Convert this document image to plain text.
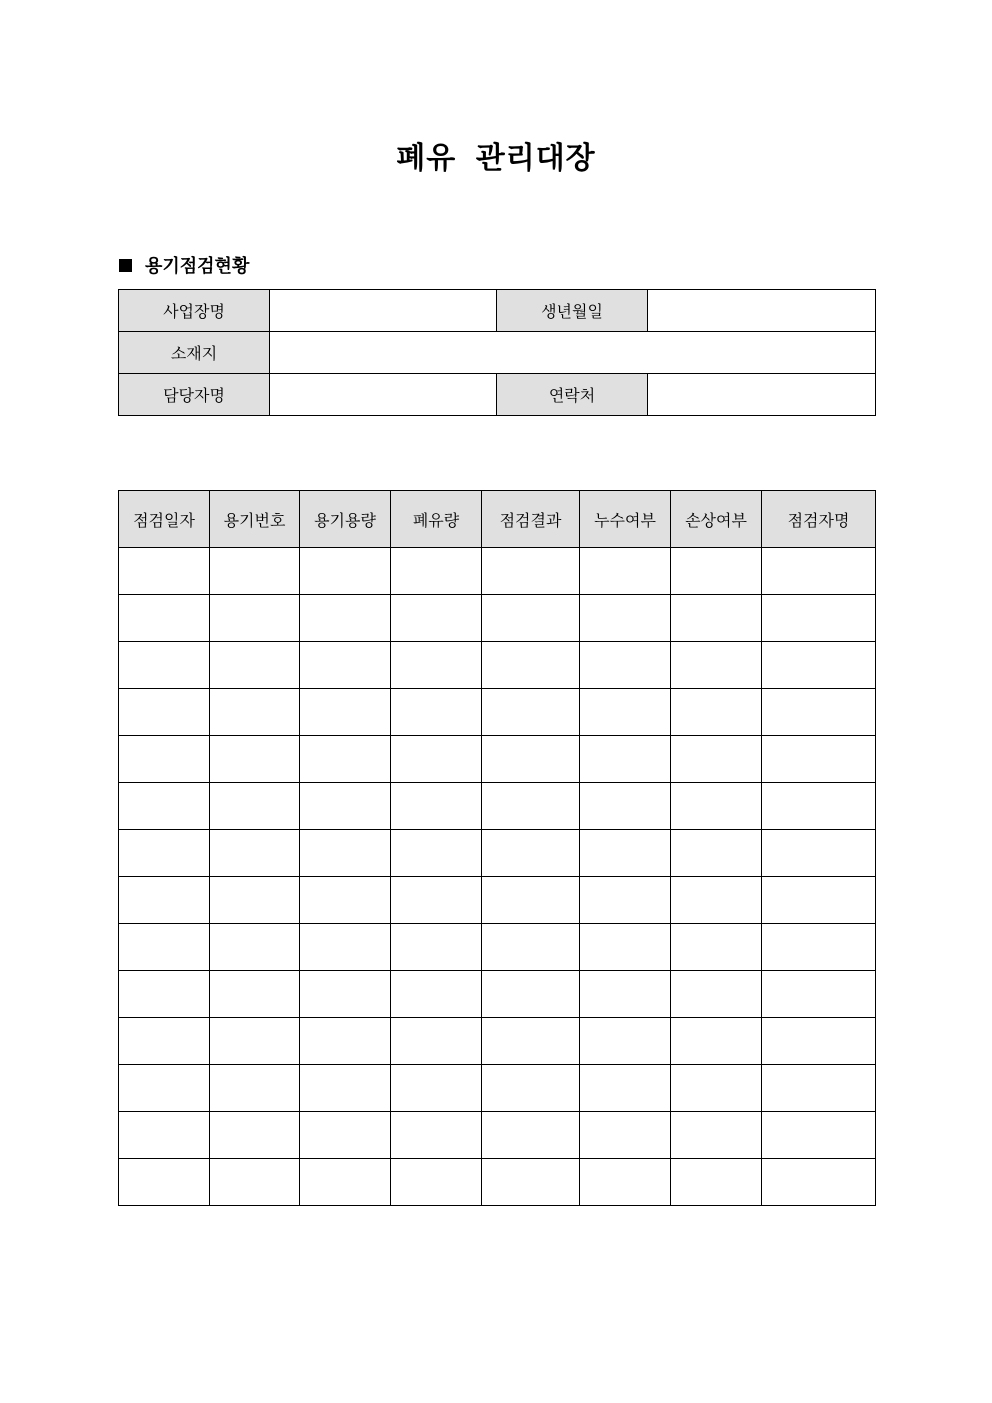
폐유 관리대장
용기점검현황
사업장명		생년월일	
소재지			
담당자명		연락처	
점검일자	용기번호	용기용량	폐유량	점검결과	누수여부	손상여부	점검자명
